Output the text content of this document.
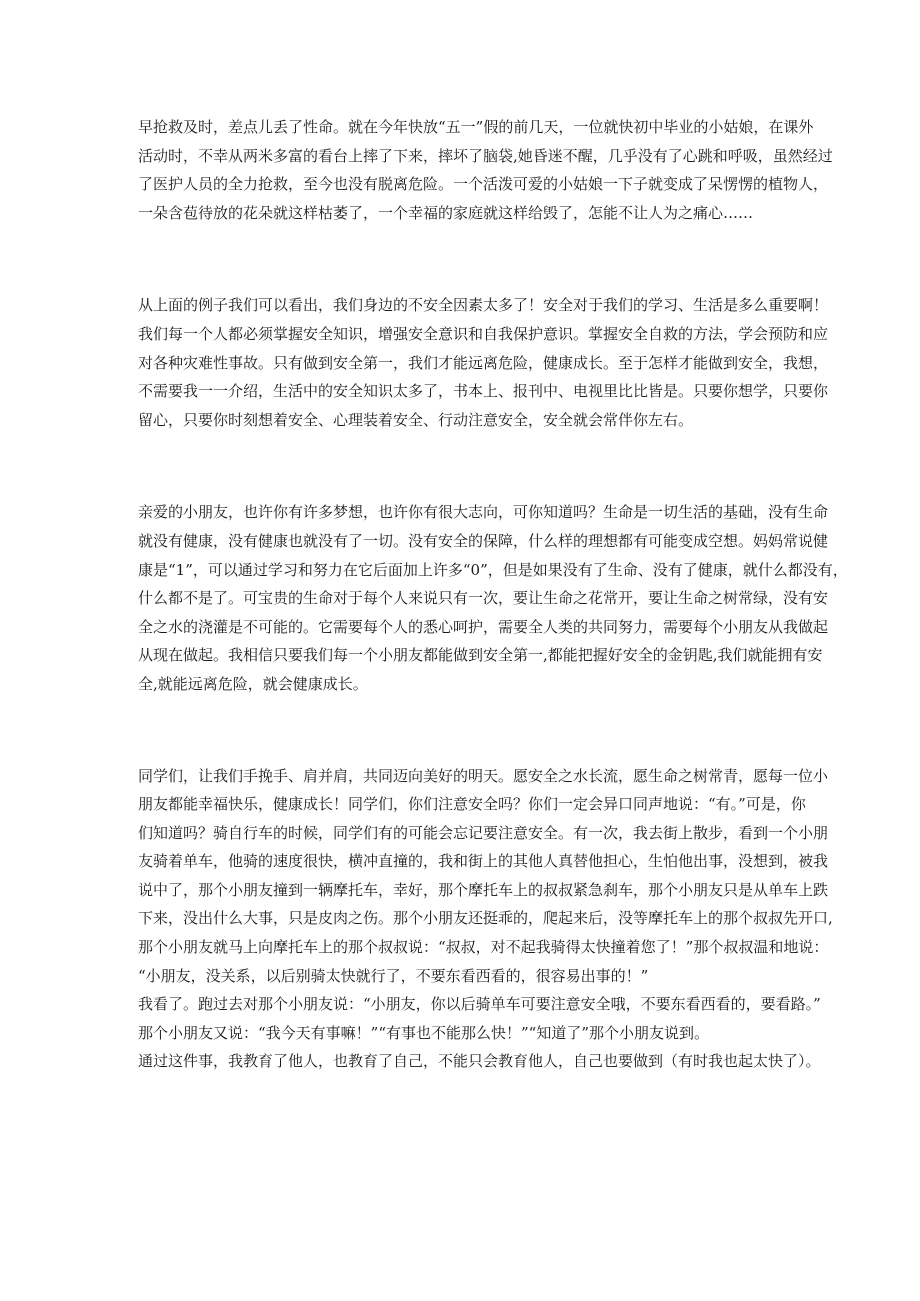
早抢救及时，差点儿丢了性命。就在今年快放“五一”假的前几天，一位就快初中毕业的小姑娘，在课外
活动时，不幸从两米多富的看台上摔了下来，摔坏了脑袋,她昏迷不醒，几乎没有了心跳和呼吸，虽然经过
了医护人员的全力抢救，至今也没有脱离危险。一个活泼可爱的小姑娘一下子就变成了呆愣愣的植物人，
一朵含苞待放的花朵就这样枯萎了，一个幸福的家庭就这样给毁了，怎能不让人为之痛心……
从上面的例子我们可以看出，我们身边的不安全因素太多了！安全对于我们的学习、生活是多么重要啊！
我们每一个人都必须掌握安全知识，增强安全意识和自我保护意识。掌握安全自救的方法，学会预防和应
对各种灾难性事故。只有做到安全第一，我们才能远离危险，健康成长。至于怎样才能做到安全，我想，
不需要我一一介绍，生活中的安全知识太多了，书本上、报刊中、电视里比比皆是。只要你想学，只要你
留心，只要你时刻想着安全、心理装着安全、行动注意安全，安全就会常伴你左右。
亲爱的小朋友，也许你有许多梦想，也许你有很大志向，可你知道吗？生命是一切生活的基础，没有生命
就没有健康，没有健康也就没有了一切。没有安全的保障，什么样的理想都有可能变成空想。妈妈常说健
康是“1”，可以通过学习和努力在它后面加上许多“0”，但是如果没有了生命、没有了健康，就什么都没有，
什么都不是了。可宝贵的生命对于每个人来说只有一次，要让生命之花常开，要让生命之树常绿，没有安
全之水的浇灌是不可能的。它需要每个人的悉心呵护，需要全人类的共同努力，需要每个小朋友从我做起
从现在做起。我相信只要我们每一个小朋友都能做到安全第一,都能把握好安全的金钥匙,我们就能拥有安
全,就能远离危险，就会健康成长。
同学们，让我们手挽手、肩并肩，共同迈向美好的明天。愿安全之水长流，愿生命之树常青，愿每一位小
朋友都能幸福快乐，健康成长！同学们，你们注意安全吗？你们一定会异口同声地说：“有。”可是，你
们知道吗？骑自行车的时候，同学们有的可能会忘记要注意安全。有一次，我去街上散步，看到一个小朋
友骑着单车，他骑的速度很快，横冲直撞的，我和街上的其他人真替他担心，生怕他出事，没想到，被我
说中了，那个小朋友撞到一辆摩托车，幸好，那个摩托车上的叔叔紧急刹车，那个小朋友只是从单车上跌
下来，没出什么大事，只是皮肉之伤。那个小朋友还挺乖的，爬起来后，没等摩托车上的那个叔叔先开口,
那个小朋友就马上向摩托车上的那个叔叔说：“叔叔，对不起我骑得太快撞着您了！”那个叔叔温和地说：
“小朋友，没关系，以后别骑太快就行了，不要东看西看的，很容易出事的！”
我看了。跑过去对那个小朋友说：“小朋友，你以后骑单车可要注意安全哦，不要东看西看的，要看路。”
那个小朋友又说：“我今天有事嘛！”“有事也不能那么快！”“知道了”那个小朋友说到。
通过这件事，我教育了他人，也教育了自己，不能只会教育他人，自己也要做到（有时我也起太快了）。
